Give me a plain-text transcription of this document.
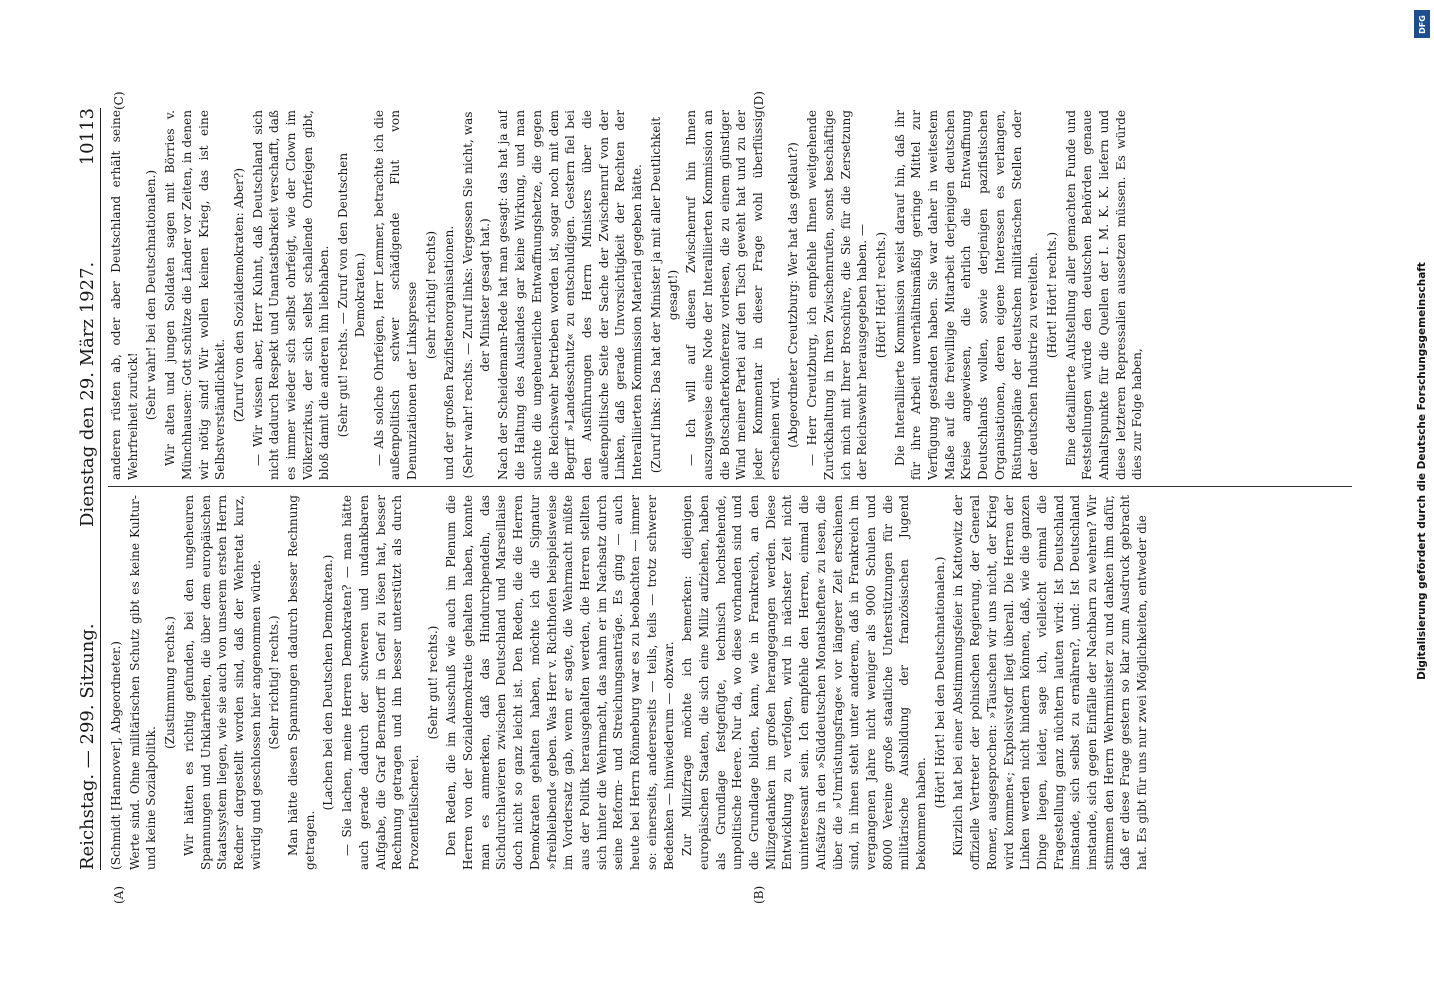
Reichstag. — 299. Sitzung.
Dienstag den 29. März 1927.
10113
(A)	(B)
(C)	(D)

(Schmidt [Hannover], Abgeordneter.) Werte sind. Ohne militärischen Schutz gibt es keine Kultur- und keine Sozialpolitik.

(Zustimmung rechts.) Wir hätten es richtig gefunden, bei den ungeheuren Spannungen und Unklarheiten, die über dem europäischen Staatssystem liegen, wie sie auch von unserem ersten Herrn Redner dargestellt worden sind, daß der Wehretat kurz, würdig und geschlossen hier angenommen würde. (Sehr richtig! rechts.) Man hätte diesen Spannungen dadurch besser Rechnung getragen.

(Lachen bei den Deutschen Demokraten.) — Sie lachen, meine Herren Demokraten? — man hätte auch gerade dadurch der schweren und undankbaren Aufgabe, die Graf Bernstorff in Genf zu lösen hat, besser Rechnung getragen und ihn besser unterstützt als durch Prozentfeilscherei.

(Sehr gut! rechts.) Den Reden, die im Ausschuß wie auch im Plenum die Herren von der Sozialdemokratie gehalten haben, konnte man es anmerken, daß das Hindurchpendeln, das Sichdurchlavieren zwischen Deutschland und Marseillaise doch nicht so ganz leicht ist. Den Reden, die die Herren Demokraten gehalten haben, möchte ich die Signatur »freibleibend« geben. Was Herr v. Richthofen beispielsweise im Vordersatz gab, wenn er sagte, die Wehrmacht müßte aus der Politik herausgehalten werden, die Herren stellten sich hinter die Wehrmacht, das nahm er im Nachsatz durch seine Reform- und Streichungsanträge. Es ging — auch heute bei Herrn Rönneburg war es zu beobachten — immer so: einerseits, andererseits — teils, teils — trotz schwerer Bedenken — hinwiederum — obzwar. Zur Milizfrage möchte ich bemerken: diejenigen europäischen Staaten, die sich eine Miliz aufziehen, haben als Grundlage festgefügte, technisch hochstehende, unpolitische Heere. Nur da, wo diese vorhanden sind und die Grundlage bilden, kann, wie in Frankreich, an den Milizgedanken im großen herangegangen werden. Diese Entwicklung zu verfolgen, wird in nächster Zeit nicht uninteressant sein. Ich empfehle den Herren, einmal die Aufsätze in den »Süddeutschen Monatsheften« zu lesen, die über die »Umrüstungsfrage« vor längerer Zeit erschienen sind, in ihnen steht unter anderem, daß in Frankreich im vergangenen Jahre nicht weniger als 9000 Schulen und 8000 Vereine große staatliche Unterstützungen für die militärische Ausbildung der französischen Jugend bekommen haben.

(Hört! Hört! bei den Deutschnationalen.) Kürzlich hat bei einer Abstimmungsfeier in Kattowitz der offizielle Vertreter der polnischen Regierung, der General Romer, ausgesprochen: »Täuschen wir uns nicht, der Krieg wird kommen«; Explosivstoff liegt überall. Die Herren der Linken werden nicht hindern können, daß, wie die ganzen Dinge liegen, leider, sage ich, vielleicht einmal die Fragestellung ganz nüchtern lauten wird: Ist Deutschland imstande, sich selbst zu ernähren?, und: Ist Deutschland imstande, sich gegen Einfälle der Nachbarn zu wehren? Wir stimmen den Herrn Wehrminister zu und danken ihm dafür, daß er diese Frage gestern so klar zum Ausdruck gebracht hat. Es gibt für uns nur zwei Möglichkeiten, entweder die

anderen rüsten ab, oder aber Deutschland erhält seine Wehrfreiheit zurück! (Sehr wahr! bei den Deutschnationalen.) Wir alten und jungen Soldaten sagen mit Börries v. Münchhausen: Gott schütze die Länder vor Zeiten, in denen wir nötig sind! Wir wollen keinen Krieg, das ist eine Selbstverständlichkeit. (Zuruf von den Sozialdemokraten: Aber?) — Wir wissen aber, Herr Kuhnt, daß Deutschland sich nicht dadurch Respekt und Unantastbarkeit verschafft, daß es immer wieder sich selbst ohrfeigt, wie der Clown im Völkerzirkus, der sich selbst schallende Ohrfeigen gibt, bloß damit die anderen ihn liebhaben. (Sehr gut! rechts. — Zuruf von den Deutschen Demokraten.) — Als solche Ohrfeigen, Herr Lemmer, betrachte ich die außenpolitisch schwer schädigende Flut von Denunziationen der Linkspresse (sehr richtig! rechts) und der großen Pazifistenorganisationen. (Sehr wahr! rechts. — Zuruf links: Vergessen Sie nicht, was der Minister gesagt hat.) Nach der Scheidemann-Rede hat man gesagt: das hat ja auf die Haltung des Auslandes gar keine Wirkung, und man suchte die ungeheuerliche Entwaffnungshetze, die gegen die Reichswehr betrieben worden ist, sogar noch mit dem Begriff »Landesschutz« zu entschuldigen. Gestern fiel bei den Ausführungen des Herrn Ministers über die außenpolitische Seite der Sache der Zwischenruf von der Linken, daß gerade Unvorsichtigkeit der Rechten der Interalliierten Kommission Material gegeben hätte. (Zuruf links: Das hat der Minister ja mit aller Deutlichkeit gesagt!) — Ich will auf diesen Zwischenruf hin Ihnen auszugsweise eine Note der Interalliierten Kommission an die Botschafterkonferenz vorlesen, die zu einem günstiger Wind meiner Partei auf den Tisch geweht hat und zu der jeder Kommentar in dieser Frage wohl überflüssig erscheinen wird. (Abgeordneter Creutzburg: Wer hat das geklaut?) — Herr Creutzburg, ich empfehle Ihnen weitgehende Zurückhaltung in Ihren Zwischenrufen, sonst beschäftige ich mich mit Ihrer Broschüre, die Sie für die Zersetzung der Reichswehr herausgegeben haben. — (Hört! Hört! rechts.) Die Interalliierte Kommission weist darauf hin, daß ihr für ihre Arbeit unverhältnismäßig geringe Mittel zur Verfügung gestanden haben. Sie war daher in weitestem Maße auf die freiwillige Mitarbeit derjenigen deutschen Kreise angewiesen, die ehrlich die Entwaffnung Deutschlands wollen, sowie derjenigen pazifistischen Organisationen, deren eigene Interessen es verlangen, Rüstungspläne der deutschen militärischen Stellen oder der deutschen Industrie zu vereiteln. (Hört! Hört! rechts.) Eine detaillierte Aufstellung aller gemachten Funde und Feststellungen würde den deutschen Behörden genaue Anhaltspunkte für die Quellen der I. M. K. K. liefern und diese letzteren Repressalien aussetzen müssen. Es würde dies zur Folge haben,

DFG
Digitalisierung gefördert durch die Deutsche Forschungsgemeinschaft
